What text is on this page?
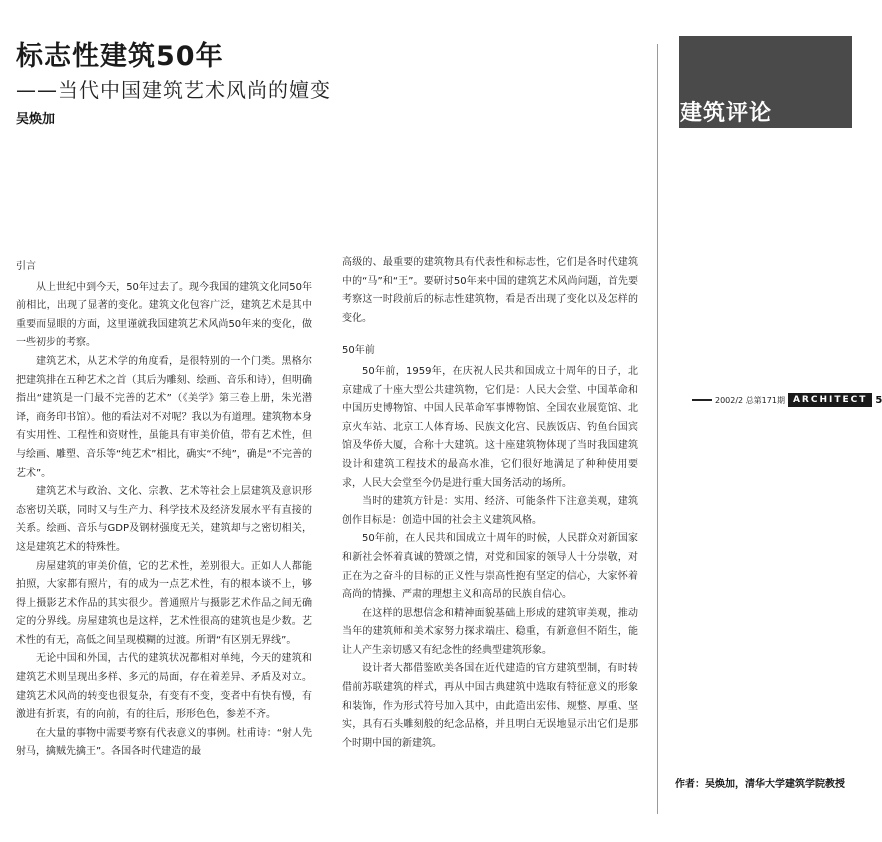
标志性建筑50年
——当代中国建筑艺术风尚的嬗变
吴焕加	建筑评论
2002/2 总第171期 ARCHITECT 5

引言

从上世纪中到今天，50年过去了。现今我国的建筑文化同50年前相比，出现了显著的变化。建筑文化包容广泛，建筑艺术是其中重要而显眼的方面，这里谨就我国建筑艺术风尚50年来的变化，做一些初步的考察。

建筑艺术，从艺术学的角度看，是很特别的一个门类。黑格尔把建筑排在五种艺术之首（其后为雕刻、绘画、音乐和诗），但明确指出“建筑是一门最不完善的艺术”（《美学》第三卷上册，朱光潜译，商务印书馆）。他的看法对不对呢？我以为有道理。建筑物本身有实用性、工程性和资财性，虽能具有审美价值，带有艺术性，但与绘画、雕塑、音乐等“纯艺术”相比，确实“不纯”，确是“不完善的艺术”。

建筑艺术与政治、文化、宗教、艺术等社会上层建筑及意识形态密切关联，同时又与生产力、科学技术及经济发展水平有直接的关系。绘画、音乐与GDP及钢材强度无关，建筑却与之密切相关，这是建筑艺术的特殊性。

房屋建筑的审美价值，它的艺术性，差别很大。正如人人都能拍照，大家都有照片，有的成为一点艺术性，有的根本谈不上，够得上摄影艺术作品的其实很少。普通照片与摄影艺术作品之间无确定的分界线。房屋建筑也是这样，艺术性很高的建筑也是少数。艺术性的有无，高低之间呈现模糊的过渡。所谓“有区别无界线”。

无论中国和外国，古代的建筑状况都相对单纯，今天的建筑和建筑艺术则呈现出多样、多元的局面，存在着差异、矛盾及对立。建筑艺术风尚的转变也很复杂，有变有不变，变者中有快有慢，有激进有折衷，有的向前，有的往后，形形色色，参差不齐。

在大量的事物中需要考察有代表意义的事例。杜甫诗：“射人先射马，擒贼先擒王”。各国各时代建造的最

高级的、最重要的建筑物具有代表性和标志性，它们是各时代建筑中的“马”和“王”。要研讨50年来中国的建筑艺术风尚问题，首先要考察这一时段前后的标志性建筑物，看是否出现了变化以及怎样的变化。

50年前

50年前，1959年，在庆祝人民共和国成立十周年的日子，北京建成了十座大型公共建筑物，它们是：人民大会堂、中国革命和中国历史博物馆、中国人民革命军事博物馆、全国农业展览馆、北京火车站、北京工人体育场、民族文化宫、民族饭店、钓鱼台国宾馆及华侨大厦，合称十大建筑。这十座建筑物体现了当时我国建筑设计和建筑工程技术的最高水准，它们很好地满足了种种使用要求，人民大会堂至今仍是进行重大国务活动的场所。

当时的建筑方针是：实用、经济、可能条件下注意美观，建筑创作目标是：创造中国的社会主义建筑风格。

50年前，在人民共和国成立十周年的时候，人民群众对新国家和新社会怀着真诚的赞颂之情，对党和国家的领导人十分崇敬，对正在为之奋斗的目标的正义性与崇高性抱有坚定的信心，大家怀着高尚的情操、严肃的理想主义和高昂的民族自信心。

在这样的思想信念和精神面貌基础上形成的建筑审美观，推动当年的建筑师和美术家努力探求端庄、稳重，有新意但不陌生，能让人产生亲切感又有纪念性的经典型建筑形象。

设计者大都借鉴欧美各国在近代建造的官方建筑型制，有时转借前苏联建筑的样式，再从中国古典建筑中选取有特征意义的形象和装饰，作为形式符号加入其中，由此造出宏伟、规整、厚重、坚实，具有石头雕刻般的纪念品格，并且明白无误地显示出它们是那个时期中国的新建筑。

作者：吴焕加，清华大学建筑学院教授
